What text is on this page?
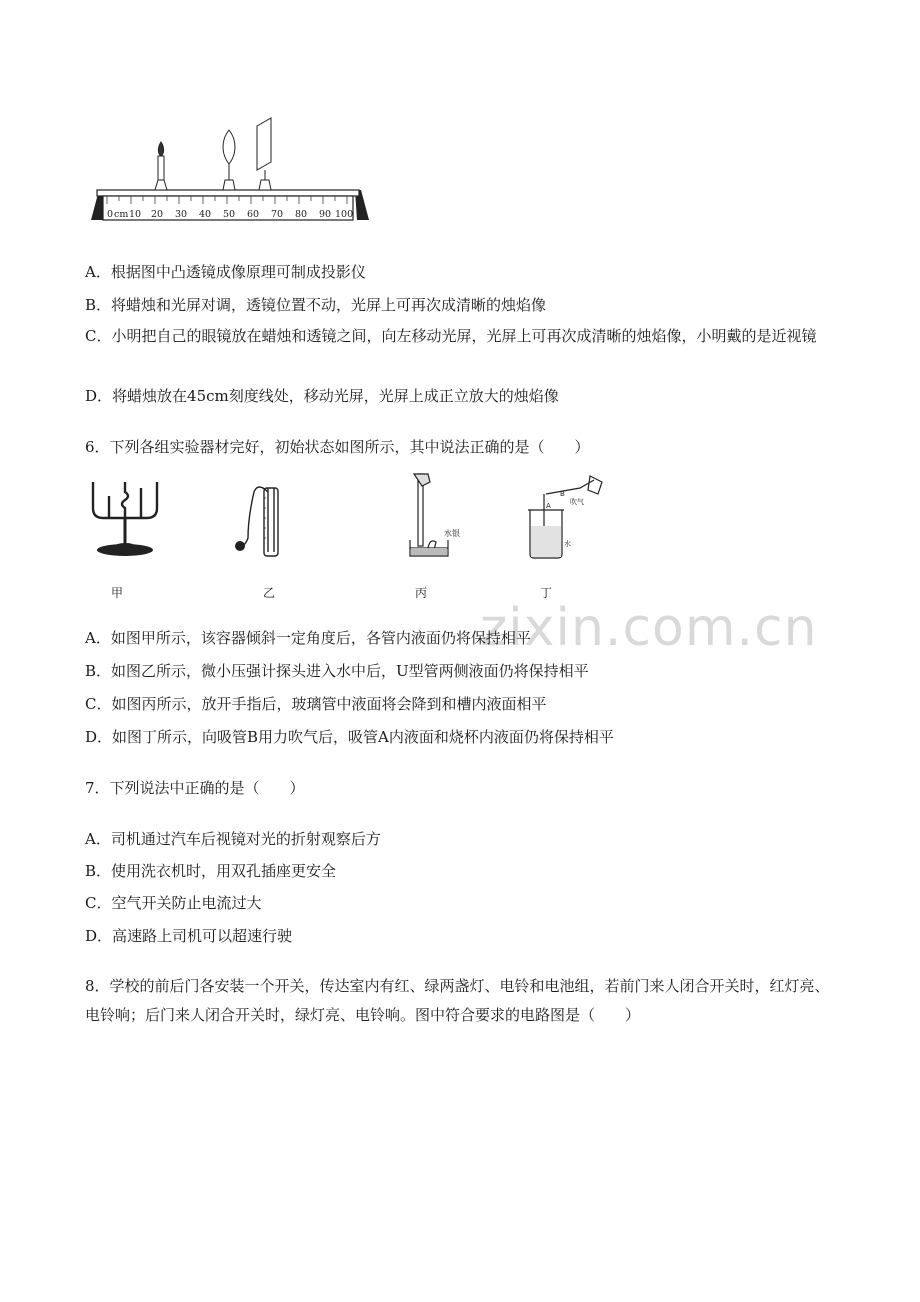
zixin.com.cn
0 cm 10 20 30 40 50 60 70 80 90 100
A．根据图中凸透镜成像原理可制成投影仪
B．将蜡烛和光屏对调，透镜位置不动，光屏上可再次成清晰的烛焰像
C．小明把自己的眼镜放在蜡烛和透镜之间，向左移动光屏，光屏上可再次成清晰的烛焰像，小明戴的是近视镜
D．将蜡烛放在45cm刻度线处，移动光屏，光屏上成正立放大的烛焰像
6．下列各组实验器材完好，初始状态如图所示，其中说法正确的是（　　）
甲	乙
水银
丙
B
A	吹气
水
丁
A．如图甲所示，该容器倾斜一定角度后，各管内液面仍将保持相平
B．如图乙所示，微小压强计探头进入水中后，U型管两侧液面仍将保持相平
C．如图丙所示，放开手指后，玻璃管中液面将会降到和槽内液面相平
D．如图丁所示，向吸管B用力吹气后，吸管A内液面和烧杯内液面仍将保持相平
7．下列说法中正确的是（　　）
A．司机通过汽车后视镜对光的折射观察后方
B．使用洗衣机时，用双孔插座更安全
C．空气开关防止电流过大
D．高速路上司机可以超速行驶
8．学校的前后门各安装一个开关，传达室内有红、绿两盏灯、电铃和电池组，若前门来人闭合开关时，红灯亮、电铃响；后门来人闭合开关时，绿灯亮、电铃响。图中符合要求的电路图是（　　）
